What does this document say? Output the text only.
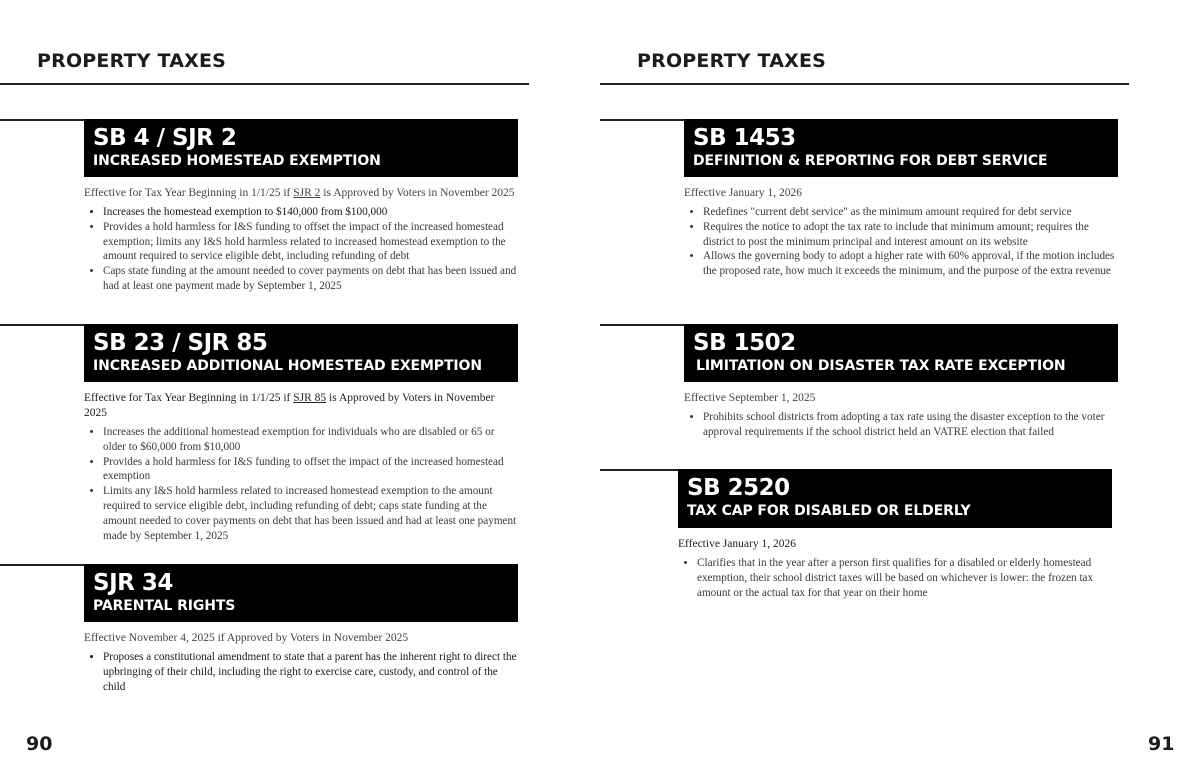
PROPERTY TAXES
SB 4 / SJR 2
INCREASED HOMESTEAD EXEMPTION
Effective for Tax Year Beginning in 1/1/25 if SJR 2 is Approved by Voters in November 2025
• Increases the homestead exemption to $140,000 from $100,000
• Provides a hold harmless for I&S funding to offset the impact of the increased homestead exemption; limits any I&S hold harmless related to increased homestead exemption to the amount required to service eligible debt, including refunding of debt
• Caps state funding at the amount needed to cover payments on debt that has been issued and had at least one payment made by September 1, 2025
SB 23 / SJR 85
INCREASED ADDITIONAL HOMESTEAD EXEMPTION
Effective for Tax Year Beginning in 1/1/25 if SJR 85 is Approved by Voters in November 2025
• Increases the additional homestead exemption for individuals who are disabled or 65 or older to $60,000 from $10,000
• Provides a hold harmless for I&S funding to offset the impact of the increased homestead exemption
• Limits any I&S hold harmless related to increased homestead exemption to the amount required to service eligible debt, including refunding of debt; caps state funding at the amount needed to cover payments on debt that has been issued and had at least one payment made by September 1, 2025
SJR 34
PARENTAL RIGHTS
Effective November 4, 2025 if Approved by Voters in November 2025
• Proposes a constitutional amendment to state that a parent has the inherent right to direct the upbringing of their child, including the right to exercise care, custody, and control of the child
90
PROPERTY TAXES
SB 1453
DEFINITION & REPORTING FOR DEBT SERVICE
Effective January 1, 2026
• Redefines "current debt service" as the minimum amount required for debt service
• Requires the notice to adopt the tax rate to include that minimum amount; requires the district to post the minimum principal and interest amount on its website
• Allows the governing body to adopt a higher rate with 60% approval, if the motion includes the proposed rate, how much it exceeds the minimum, and the purpose of the extra revenue
SB 1502
LIMITATION ON DISASTER TAX RATE EXCEPTION
Effective September 1, 2025
• Prohibits school districts from adopting a tax rate using the disaster exception to the voter approval requirements if the school district held an VATRE election that failed
SB 2520
TAX CAP FOR DISABLED OR ELDERLY
Effective January 1, 2026
• Clarifies that in the year after a person first qualifies for a disabled or elderly homestead exemption, their school district taxes will be based on whichever is lower: the frozen tax amount or the actual tax for that year on their home
91
